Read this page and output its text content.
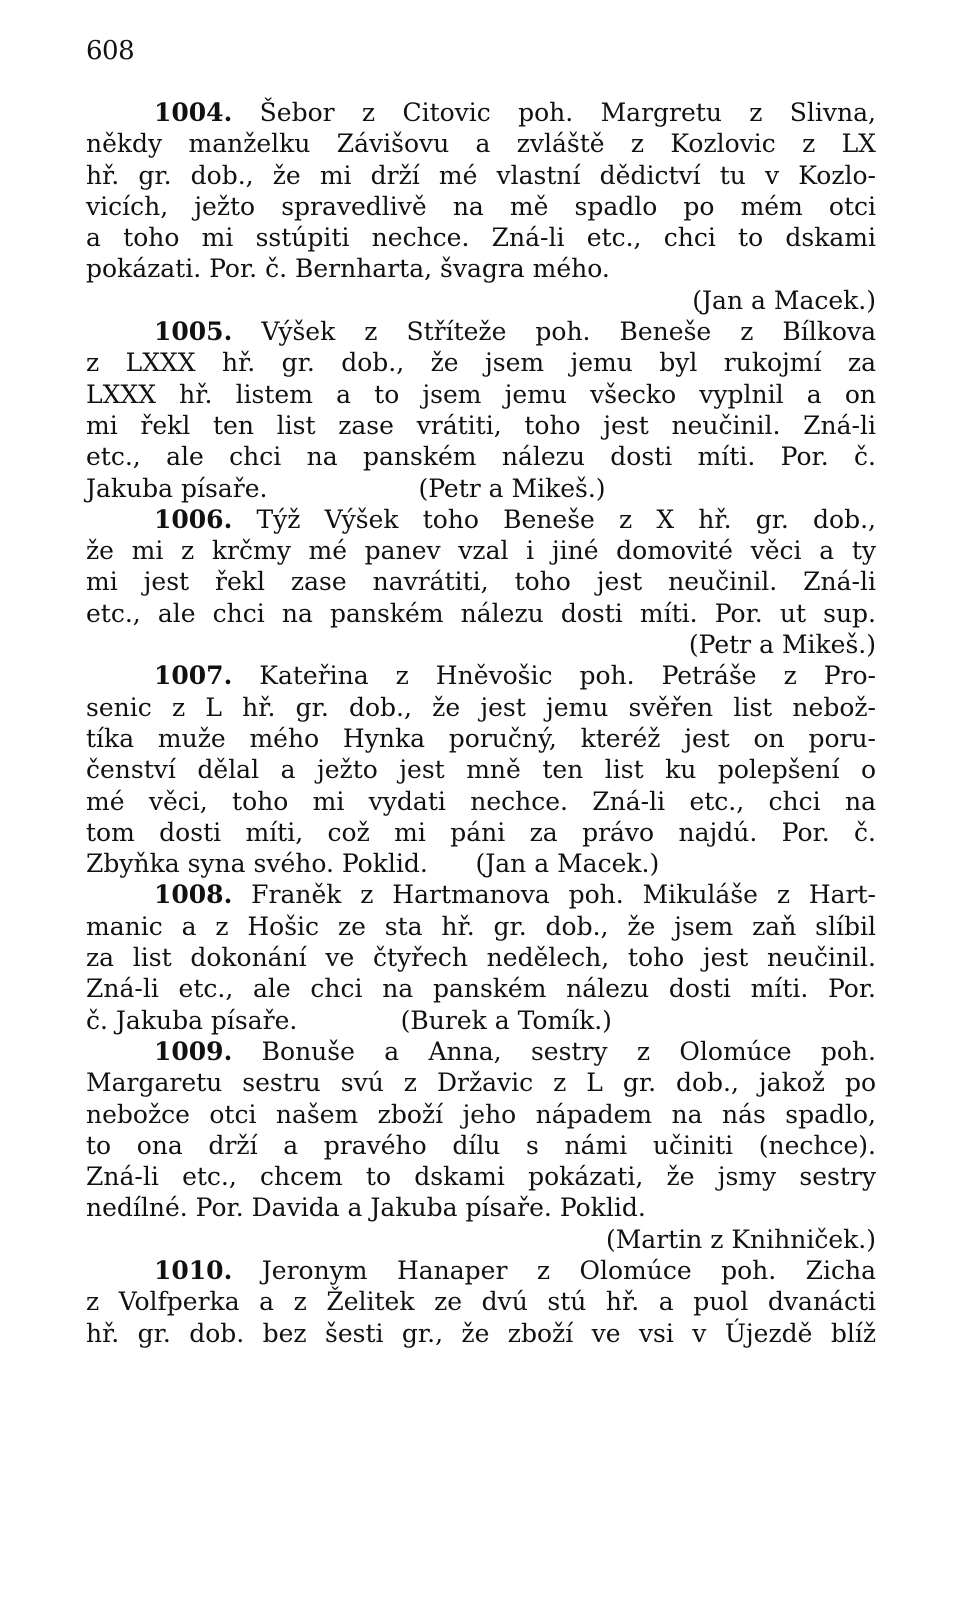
608
1004. Šebor z Citovic poh. Margretu z Slivna,
někdy manželku Závišovu a zvláště z Kozlovic z LX
hř. gr. dob., že mi drží mé vlastní dědictví tu v Kozlo-
vicích, ježto spravedlivě na mě spadlo po mém otci
a toho mi sstúpiti nechce. Zná-li etc., chci to dskami
pokázati. Por. č. Bernharta, švagra mého.
(Jan a Macek.)
1005. Výšek z Stříteže poh. Beneše z Bílkova
z LXXX hř. gr. dob., že jsem jemu byl rukojmí za
LXXX hř. listem a to jsem jemu všecko vyplnil a on
mi řekl ten list zase vrátiti, toho jest neučinil. Zná-li
etc., ale chci na panském nálezu dosti míti. Por. č.
Jakuba písaře.                   (Petr a Mikeš.)
1006. Týž Výšek toho Beneše z X hř. gr. dob.,
že mi z krčmy mé panev vzal i jiné domovité věci a ty
mi jest řekl zase navrátiti, toho jest neučinil. Zná-li
etc., ale chci na panském nálezu dosti míti. Por. ut sup.
(Petr a Mikeš.)
1007. Kateřina z Hněvošic poh. Petráše z Pro-
senic z L hř. gr. dob., že jest jemu svěřen list nebož-
tíka muže mého Hynka poručný, kteréž jest on poru-
čenství dělal a ježto jest mně ten list ku polepšení o
mé věci, toho mi vydati nechce. Zná-li etc., chci na
tom dosti míti, což mi páni za právo najdú. Por. č.
Zbyňka syna svého. Poklid.      (Jan a Macek.)
1008. Franěk z Hartmanova poh. Mikuláše z Hart-
manic a z Hošic ze sta hř. gr. dob., že jsem zaň slíbil
za list dokonání ve čtyřech nedělech, toho jest neučinil.
Zná-li etc., ale chci na panském nálezu dosti míti. Por.
č. Jakuba písaře.             (Burek a Tomík.)
1009. Bonuše a Anna, sestry z Olomúce poh.
Margaretu sestru svú z Državic z L gr. dob., jakož po
nebožce otci našem zboží jeho nápadem na nás spadlo,
to ona drží a pravého dílu s námi učiniti (nechce).
Zná-li etc., chcem to dskami pokázati, že jsmy sestry
nedílné. Por. Davida a Jakuba písaře. Poklid.
(Martin z Knihniček.)
1010. Jeronym Hanaper z Olomúce poh. Zicha
z Volfperka a z Želitek ze dvú stú hř. a puol dvanácti
hř. gr. dob. bez šesti gr., že zboží ve vsi v Újezdě blíž
